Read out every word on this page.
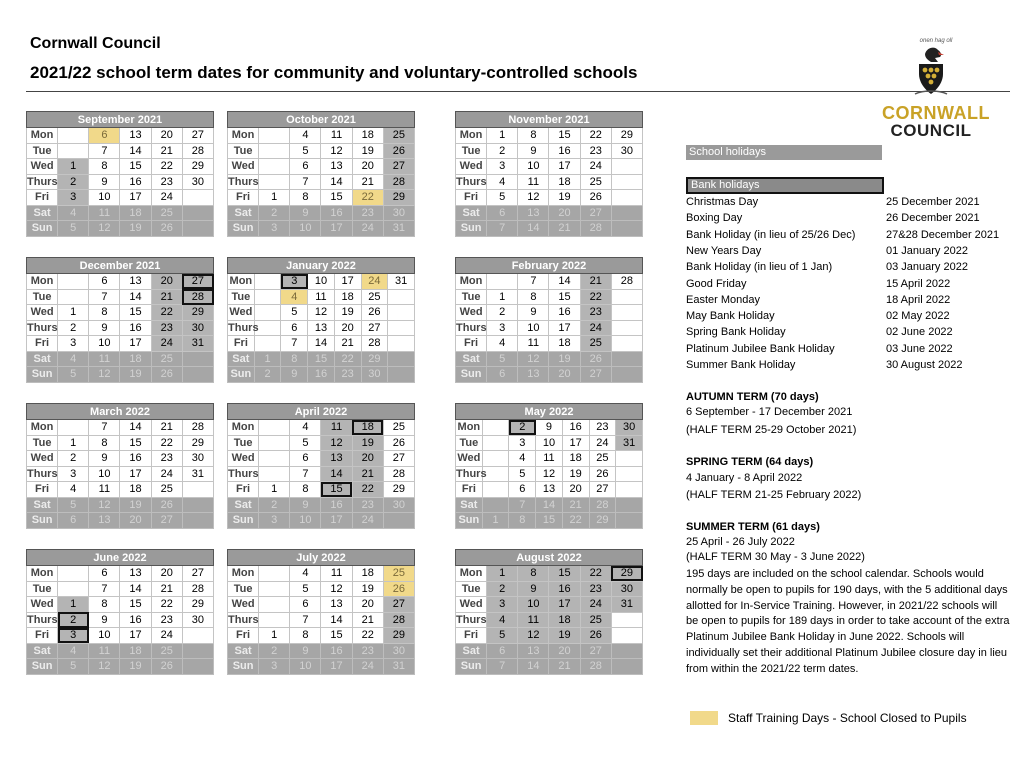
Cornwall Council
2021/22 school term dates for community and voluntary-controlled schools
onen hag oll
CORNWALL
COUNCIL
September 2021					
Mon		6	13	20	27
Tue		7	14	21	28
Wed	1	8	15	22	29
Thurs	2	9	16	23	30
Fri	3	10	17	24	
Sat	4	11	18	25	
Sun	5	12	19	26	
October 2021					
Mon		4	11	18	25
Tue		5	12	19	26
Wed		6	13	20	27
Thurs		7	14	21	28
Fri	1	8	15	22	29
Sat	2	9	16	23	30
Sun	3	10	17	24	31
November 2021					
Mon	1	8	15	22	29
Tue	2	9	16	23	30
Wed	3	10	17	24	
Thurs	4	11	18	25	
Fri	5	12	19	26	
Sat	6	13	20	27	
Sun	7	14	21	28	
December 2021					
Mon		6	13	20	27
Tue		7	14	21	28
Wed	1	8	15	22	29
Thurs	2	9	16	23	30
Fri	3	10	17	24	31
Sat	4	11	18	25	
Sun	5	12	19	26	
January 2022						
Mon		3	10	17	24	31
Tue		4	11	18	25	
Wed		5	12	19	26	
Thurs		6	13	20	27	
Fri		7	14	21	28	
Sat	1	8	15	22	29	
Sun	2	9	16	23	30	
February 2022					
Mon		7	14	21	28
Tue	1	8	15	22	
Wed	2	9	16	23	
Thurs	3	10	17	24	
Fri	4	11	18	25	
Sat	5	12	19	26	
Sun	6	13	20	27	
March 2022					
Mon		7	14	21	28
Tue	1	8	15	22	29
Wed	2	9	16	23	30
Thurs	3	10	17	24	31
Fri	4	11	18	25	
Sat	5	12	19	26	
Sun	6	13	20	27	
April 2022					
Mon		4	11	18	25
Tue		5	12	19	26
Wed		6	13	20	27
Thurs		7	14	21	28
Fri	1	8	15	22	29
Sat	2	9	16	23	30
Sun	3	10	17	24	
May 2022						
Mon		2	9	16	23	30
Tue		3	10	17	24	31
Wed		4	11	18	25	
Thurs		5	12	19	26	
Fri		6	13	20	27	
Sat		7	14	21	28	
Sun	1	8	15	22	29	
June 2022					
Mon		6	13	20	27
Tue		7	14	21	28
Wed	1	8	15	22	29
Thurs	2	9	16	23	30
Fri	3	10	17	24	
Sat	4	11	18	25	
Sun	5	12	19	26	
July 2022					
Mon		4	11	18	25
Tue		5	12	19	26
Wed		6	13	20	27
Thurs		7	14	21	28
Fri	1	8	15	22	29
Sat	2	9	16	23	30
Sun	3	10	17	24	31
August 2022					
Mon	1	8	15	22	29
Tue	2	9	16	23	30
Wed	3	10	17	24	31
Thurs	4	11	18	25	
Fri	5	12	19	26	
Sat	6	13	20	27	
Sun	7	14	21	28	
School holidays
Bank holidays
Christmas Day	25 December 2021
Boxing Day	26 December 2021
Bank Holiday (in lieu of 25/26 Dec)	27&28 December 2021
New Years Day	01 January 2022
Bank Holiday (in lieu of 1 Jan)	03 January 2022
Good Friday	15 April 2022
Easter Monday	18 April 2022
May Bank Holiday	02 May 2022
Spring Bank Holiday	02 June 2022
Platinum Jubilee Bank Holiday	03 June 2022
Summer Bank Holiday	30 August 2022
AUTUMN TERM (70 days)
6 September - 17 December 2021
(HALF TERM 25-29 October 2021)
SPRING TERM (64 days)
4 January - 8 April 2022
(HALF TERM 21-25 February 2022)
SUMMER TERM (61 days)
25 April - 26 July 2022
(HALF TERM 30 May - 3 June 2022)
195 days are included on the school calendar. Schools would normally be open to pupils for 190 days, with the 5 additional days allotted for In-Service Training. However, in 2021/22 schools will be open to pupils for 189 days in order to take account of the extra Platinum Jubilee Bank Holiday in June 2022. Schools will individually set their additional Platinum Jubilee closure day in lieu from within the 2021/22 term dates.
Staff Training Days - School Closed to Pupils
